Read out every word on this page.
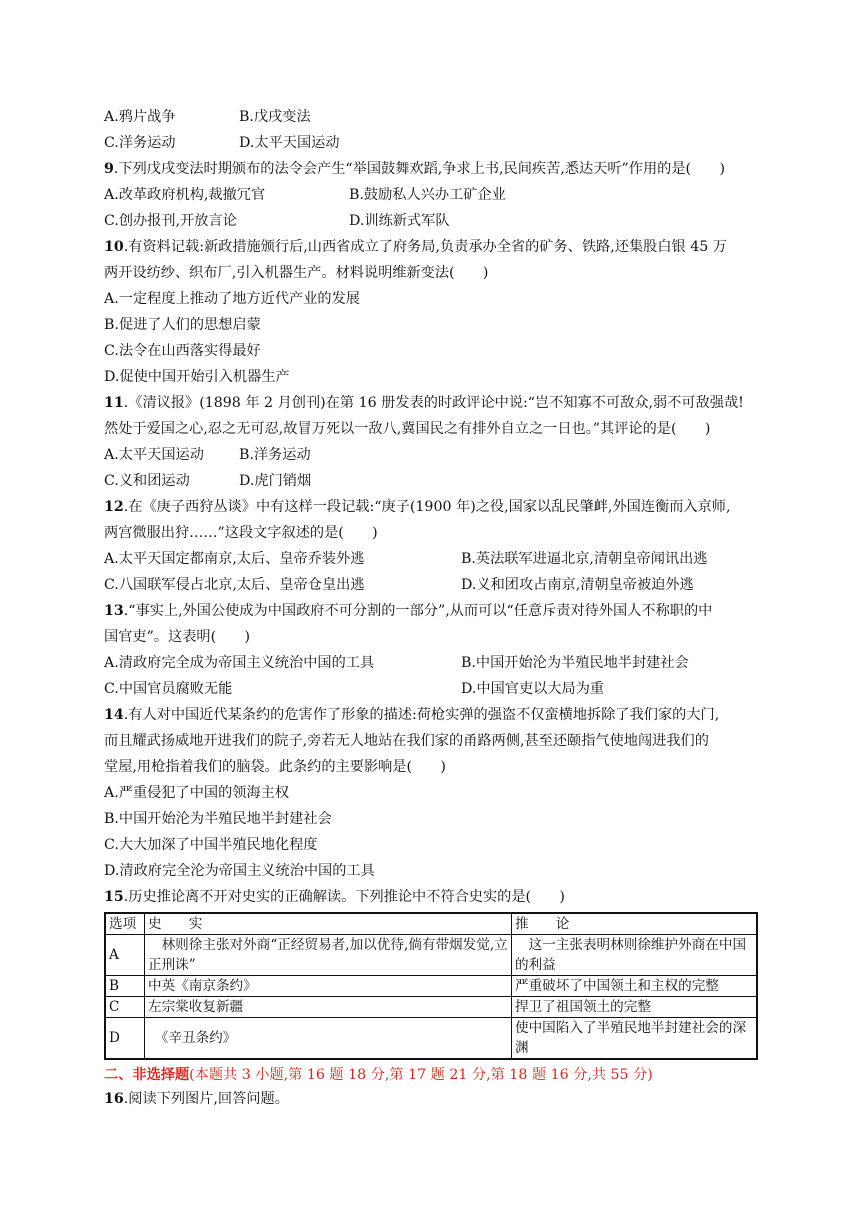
A.鸦片战争	B.戊戌变法
C.洋务运动	D.太平天国运动
9.下列戊戌变法时期颁布的法令会产生“举国鼓舞欢蹈,争求上书,民间疾苦,悉达天听”作用的是(　　)
A.改革政府机构,裁撤冗官	B.鼓励私人兴办工矿企业
C.创办报刊,开放言论	D.训练新式军队
10.有资料记载:新政措施颁行后,山西省成立了府务局,负责承办全省的矿务、铁路,还集股白银 45 万
两开设纺纱、织布厂,引入机器生产。材料说明维新变法(　　)
A.一定程度上推动了地方近代产业的发展
B.促进了人们的思想启蒙
C.法令在山西落实得最好
D.促使中国开始引入机器生产
11.《清议报》(1898 年 2 月创刊)在第 16 册发表的时政评论中说:“岂不知寡不可敌众,弱不可敌强哉!
然处于爱国之心,忍之无可忍,故冒万死以一敌八,冀国民之有排外自立之一日也。”其评论的是(　　)
A.太平天国运动 B.洋务运动
C.义和团运动	D.虎门销烟
12.在《庚子西狩丛谈》中有这样一段记载:“庚子(1900 年)之役,国家以乱民肇衅,外国连衡而入京师,
两宫微服出狩……”这段文字叙述的是(　　)
A.太平天国定都南京,太后、皇帝乔装外逃	B.英法联军进逼北京,清朝皇帝闻讯出逃
C.八国联军侵占北京,太后、皇帝仓皇出逃	D.义和团攻占南京,清朝皇帝被迫外逃
13.“事实上,外国公使成为中国政府不可分割的一部分”,从而可以“任意斥责对待外国人不称职的中
国官吏”。这表明(　　)
A.清政府完全成为帝国主义统治中国的工具	B.中国开始沦为半殖民地半封建社会
C.中国官员腐败无能	D.中国官吏以大局为重
14.有人对中国近代某条约的危害作了形象的描述:荷枪实弹的强盗不仅蛮横地拆除了我们家的大门,
而且耀武扬威地开进我们的院子,旁若无人地站在我们家的甬路两侧,甚至还颐指气使地闯进我们的
堂屋,用枪指着我们的脑袋。此条约的主要影响是(　　)
A.严重侵犯了中国的领海主权
B.中国开始沦为半殖民地半封建社会
C.大大加深了中国半殖民地化程度
D.清政府完全沦为帝国主义统治中国的工具
15.历史推论离不开对史实的正确解读。下列推论中不符合史实的是(　　)
选项	史　　实	推　　论
A	　林则徐主张对外商“正经贸易者,加以优待,倘有带烟发觉,立正刑诛”	　这一主张表明林则徐维护外商在中国的利益
B	中英《南京条约》	严重破坏了中国领土和主权的完整
C	左宗棠收复新疆	捍卫了祖国领土的完整
D	　《辛丑条约》	使中国陷入了半殖民地半封建社会的深渊
二、非选择题(本题共 3 小题,第 16 题 18 分,第 17 题 21 分,第 18 题 16 分,共 55 分)
16.阅读下列图片,回答问题。
